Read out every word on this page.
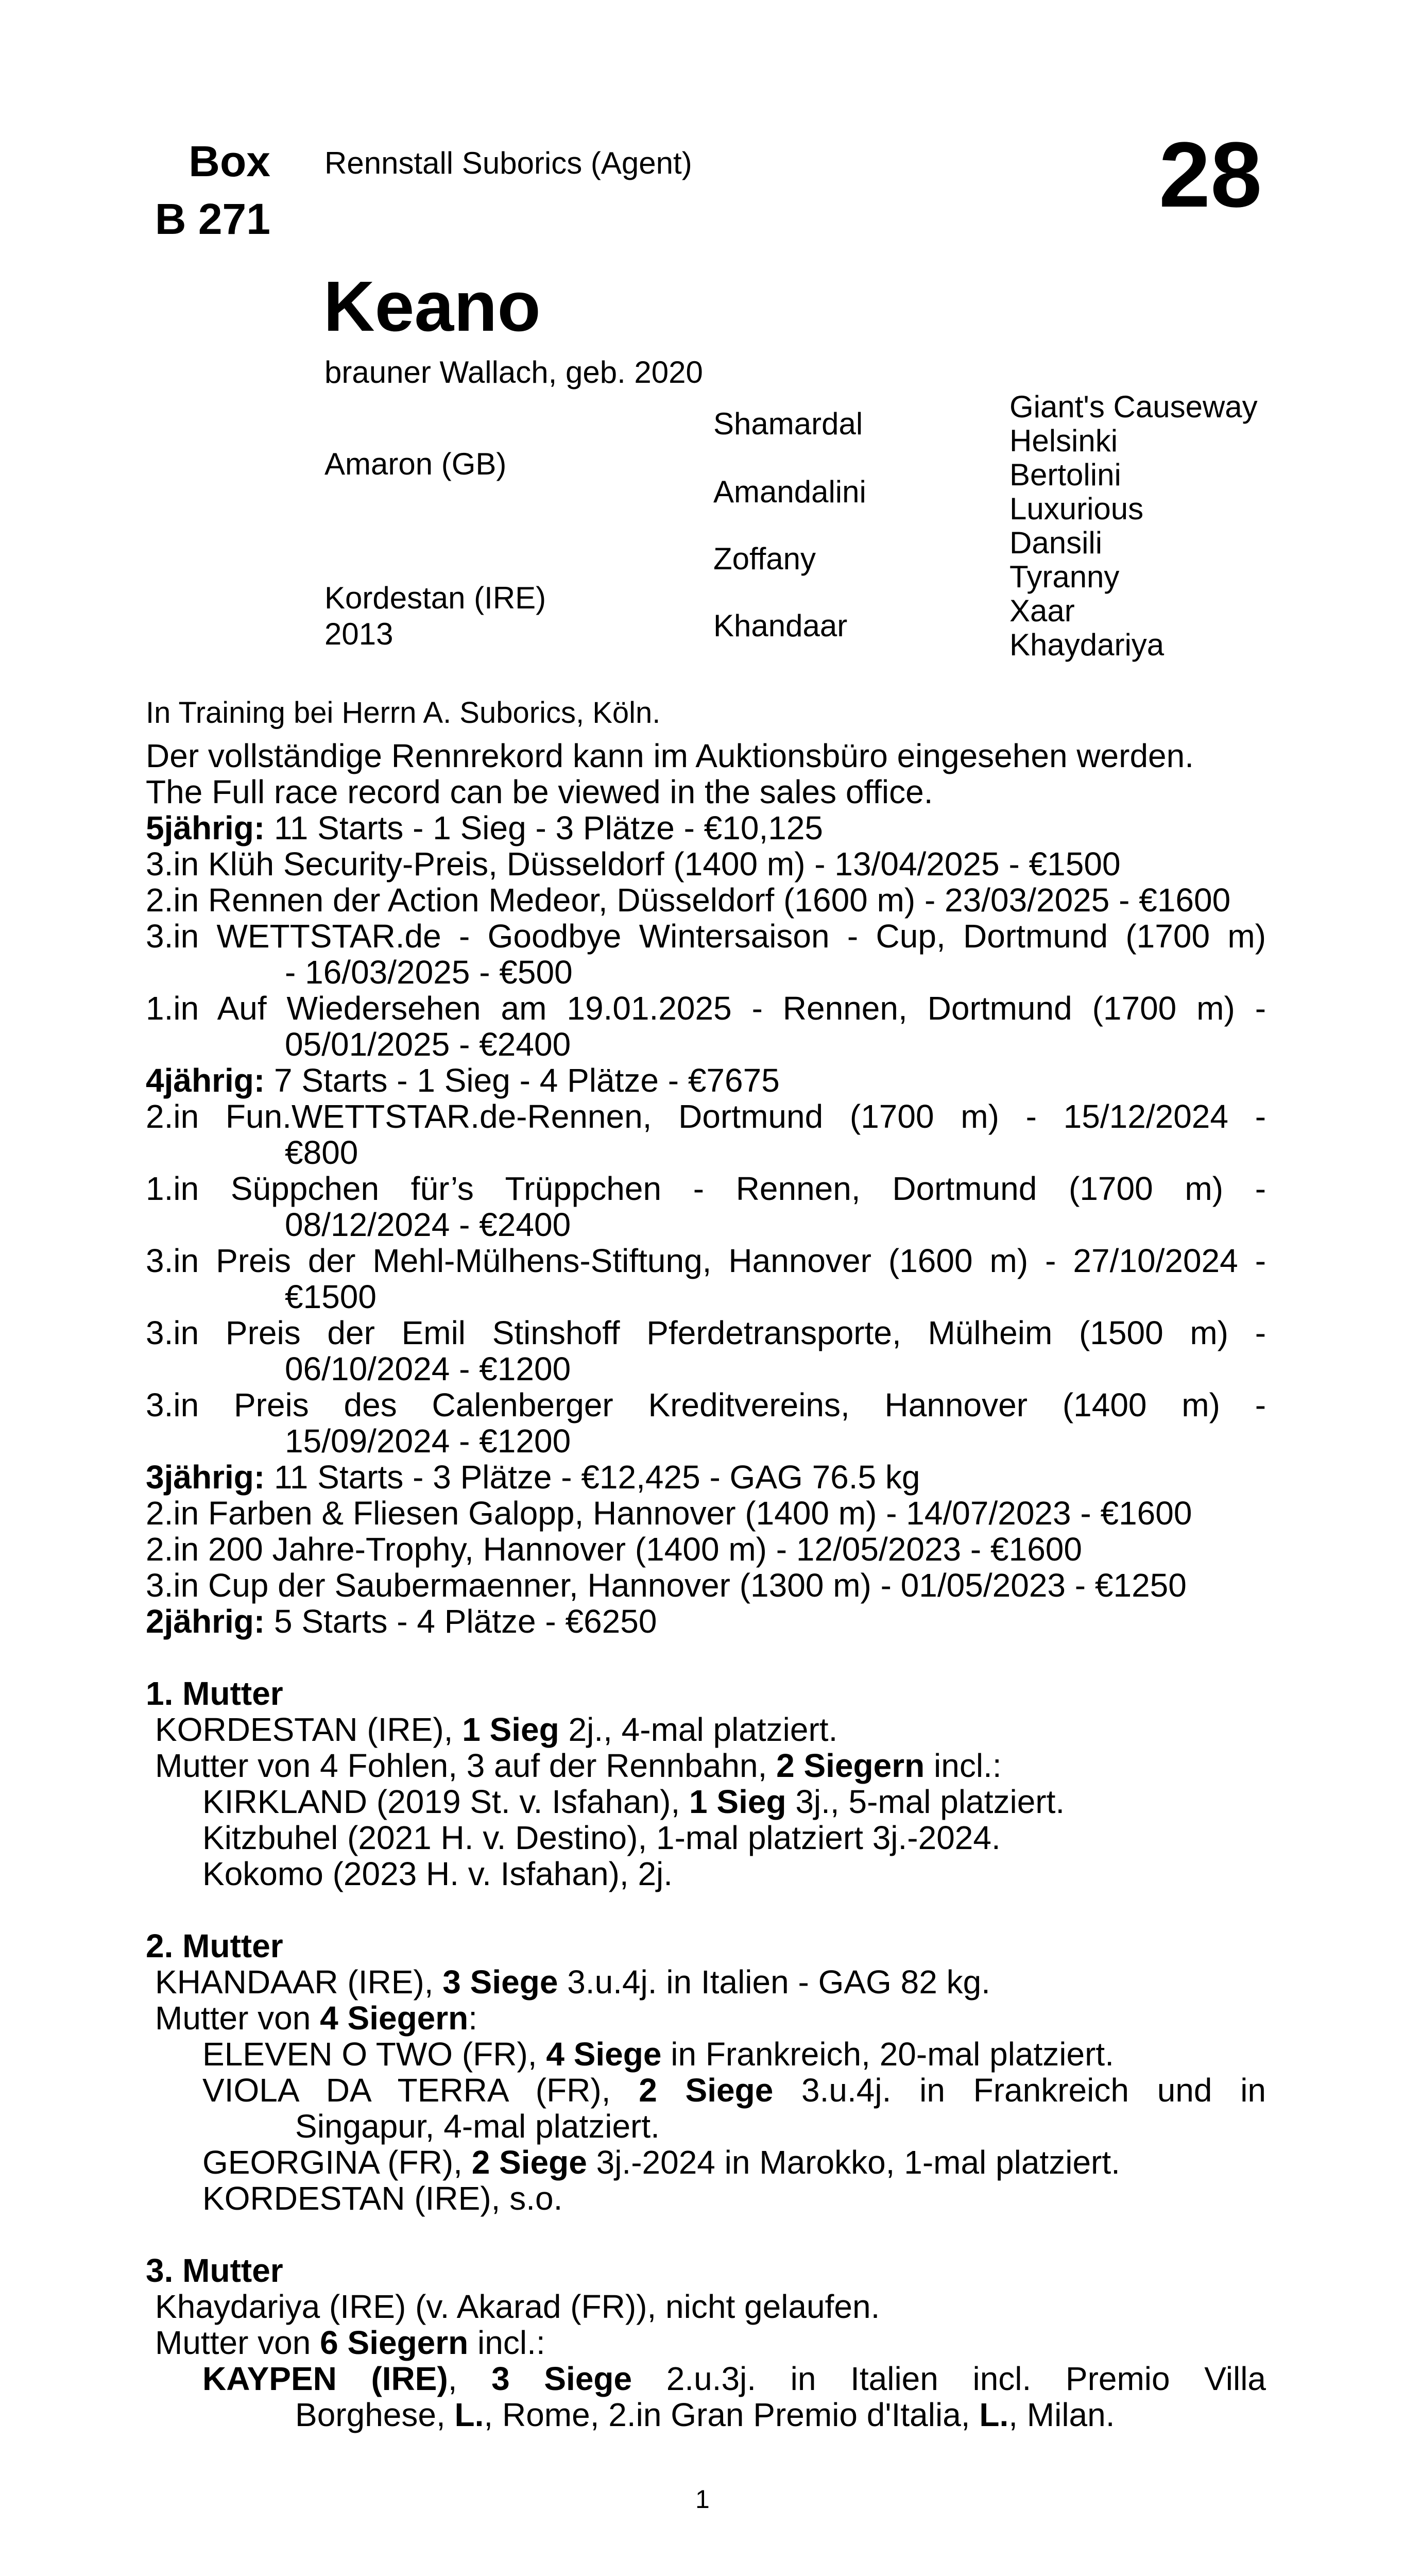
Box
B 271
Rennstall Suborics (Agent)	28
Keano
brauner Wallach, geb. 2020
Amaron (GB)
Kordestan (IRE)
2013
Shamardal
Amandalini
Zoffany
Khandaar
Giant's Causeway
Helsinki
Bertolini
Luxurious
Dansili
Tyranny
Xaar
Khaydariya
In Training bei Herrn A. Suborics, Köln.
Der vollständige Rennrekord kann im Auktionsbüro eingesehen werden.
The Full race record can be viewed in the sales office.
5jährig: 11 Starts - 1 Sieg - 3 Plätze - €10,125
3.in Klüh Security-Preis, Düsseldorf (1400 m) - 13/04/2025 - €1500
2.in Rennen der Action Medeor, Düsseldorf (1600 m) - 23/03/2025 - €1600
3.in WETTSTAR.de - Goodbye Wintersaison - Cup, Dortmund (1700 m)
- 16/03/2025 - €500
1.in Auf Wiedersehen am 19.01.2025 - Rennen, Dortmund (1700 m) -
05/01/2025 - €2400
4jährig: 7 Starts - 1 Sieg - 4 Plätze - €7675
2.in Fun.WETTSTAR.de-Rennen, Dortmund (1700 m) - 15/12/2024 -
€800
1.in Süppchen für’s Trüppchen - Rennen, Dortmund (1700 m) -
08/12/2024 - €2400
3.in Preis der Mehl-Mülhens-Stiftung, Hannover (1600 m) - 27/10/2024 -
€1500
3.in Preis der Emil Stinshoff Pferdetransporte, Mülheim (1500 m) -
06/10/2024 - €1200
3.in Preis des Calenberger Kreditvereins, Hannover (1400 m) -
15/09/2024 - €1200
3jährig: 11 Starts - 3 Plätze - €12,425 - GAG 76.5 kg
2.in Farben & Fliesen Galopp, Hannover (1400 m) - 14/07/2023 - €1600
2.in 200 Jahre-Trophy, Hannover (1400 m) - 12/05/2023 - €1600
3.in Cup der Saubermaenner, Hannover (1300 m) - 01/05/2023 - €1250
2jährig: 5 Starts - 4 Plätze - €6250
1. Mutter
KORDESTAN (IRE), 1 Sieg 2j., 4-mal platziert.
Mutter von 4 Fohlen, 3 auf der Rennbahn, 2 Siegern incl.:
KIRKLAND (2019 St. v. Isfahan), 1 Sieg 3j., 5-mal platziert.
Kitzbuhel (2021 H. v. Destino), 1-mal platziert 3j.-2024.
Kokomo (2023 H. v. Isfahan), 2j.
2. Mutter
KHANDAAR (IRE), 3 Siege 3.u.4j. in Italien - GAG 82 kg.
Mutter von 4 Siegern:
ELEVEN O TWO (FR), 4 Siege in Frankreich, 20-mal platziert.
VIOLA DA TERRA (FR), 2 Siege 3.u.4j. in Frankreich und in
Singapur, 4-mal platziert.
GEORGINA (FR), 2 Siege 3j.-2024 in Marokko, 1-mal platziert.
KORDESTAN (IRE), s.o.
3. Mutter
Khaydariya (IRE) (v. Akarad (FR)), nicht gelaufen.
Mutter von 6 Siegern incl.:
KAYPEN (IRE), 3 Siege 2.u.3j. in Italien incl. Premio Villa
Borghese, L., Rome, 2.in Gran Premio d'Italia, L., Milan.
1
